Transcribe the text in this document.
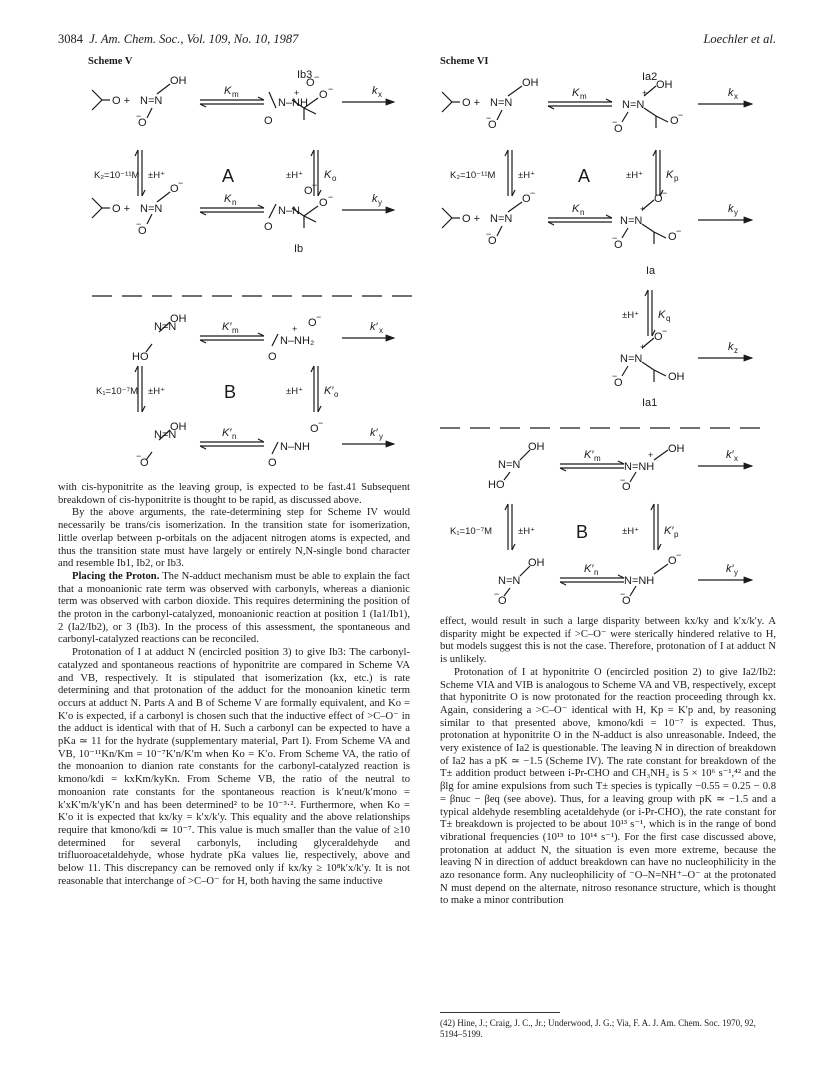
3084 J. Am. Chem. Soc., Vol. 109, No. 10, 1987	Loechler et al.
Scheme V	Scheme VI
Ib3
O + N=N
OH
O
−
K m	k x
N–NH
+
O
O −
O −
K₂=10⁻¹¹M ±H⁺	A	±H⁺ K o
O + N=N
O −
O
−
K n	k y
N–N
O
O −
O −
Ib
N=N
OH
HO
K′ m	k′ x
N–NH₂
+
O
O −
K₁=10⁻⁷M ±H⁺	B	±H⁺ K′ o
N=N
OH
O
−
K′ n	k′ y
N–NH
O
O −
Ia2
O + N=N
OH
O
−
K m	k x
N=N
+
OH
O
−	O −
K₂=10⁻¹¹M ±H⁺ A	±H⁺ K p
O + N=N
O −
O
−
K n	k y
N=N
+
O −
O
−	O −
Ia
±H⁺ K q
k z
N=N
+
O −
O
−	OH
Ia1
N=N
OH
HO
K′ m	k′ x
N=NH
+ OH
O
−
K₁=10⁻⁷M	±H⁺ B	±H⁺ K′ p
N=N
OH
O
−
K′ n	k′ y
N=NH
O −
O
−

with cis-hyponitrite as the leaving group, is expected to be fast.41 Subsequent breakdown of cis-hyponitrite is thought to be rapid, as discussed above.

By the above arguments, the rate-determining step for Scheme IV would necessarily be trans/cis isomerization. In the transition state for isomerization, little overlap between p-orbitals on the adjacent nitrogen atoms is expected, and thus the transition state must have largely or entirely N,N-single bond character and resemble Ib1, Ib2, or Ib3.

Placing the Proton. The N-adduct mechanism must be able to explain the fact that a monoanionic rate term was observed with carbonyls, whereas a dianionic term was observed with carbon dioxide. This requires determining the position of the proton in the carbonyl-catalyzed, monoanionic reaction at position 1 (Ia1/Ib1), 2 (Ia2/Ib2), or 3 (Ib3). In the process of this assessment, the spontaneous and carbonyl-catalyzed reactions can be reconciled.

Protonation of I at adduct N (encircled position 3) to give Ib3: The carbonyl-catalyzed and spontaneous reactions of hyponitrite are compared in Scheme VA and VB, respectively. It is stipulated that isomerization (kx, etc.) is rate determining and that protonation of the adduct for the monoanion kinetic term occurs at adduct N. Parts A and B of Scheme V are formally equivalent, and Ko = K′o is expected, if a carbonyl is chosen such that the inductive effect of >C–O⁻ in the adduct is identical with that of H. Such a carbonyl can be expected to have a pKa ≃ 11 for the hydrate (supplementary material, Part I). From Scheme VA and VB, 10⁻¹¹Kn/Km = 10⁻⁷K′n/K′m when Ko = K′o. From Scheme VA, the ratio of the monoanion to dianion rate constants for the carbonyl-catalyzed reaction is kmono/kdi = kxKm/kyKn. From Scheme VB, the ratio of the neutral to monoanion rate constants for the spontaneous reaction is k′neut/k′mono = k′xK′m/k′yK′n and has been determined² to be 10⁻³·². Furthermore, when Ko = K′o it is expected that kx/ky = k′x/k′y. This equality and the above relationships require that kmono/kdi ≃ 10⁻⁷. This value is much smaller than the value of ≥10 determined for several carbonyls, including glyceraldehyde and trifluoroacetaldehyde, whose hydrate pKa values lie, respectively, above and below 11. This discrepancy can be removed only if kx/ky ≥ 10⁸k′x/k′y. It is not reasonable that interchange of >C–O⁻ for H, both having the same inductive

effect, would result in such a large disparity between kx/ky and k′x/k′y. A disparity might be expected if >C–O⁻ were sterically hindered relative to H, but models suggest this is not the case. Therefore, protonation of I at adduct N is unlikely.

Protonation of I at hyponitrite O (encircled position 2) to give Ia2/Ib2: Scheme VIA and VIB is analogous to Scheme VA and VB, respectively, except that hyponitrite O is now protonated for the reaction proceeding through kx. Again, considering a >C–O⁻ identical with H, Kp = K′p and, by reasoning similar to that presented above, kmono/kdi = 10⁻⁷ is expected. Thus, protonation at hyponitrite O in the N-adduct is also unreasonable. Indeed, the very existence of Ia2 is questionable. The leaving N in direction of breakdown of Ia2 has a pK ≃ −1.5 (Scheme IV). The rate constant for breakdown of the T± addition product between i-Pr-CHO and CH₃NH₂ is 5 × 10⁶ s⁻¹,⁴² and the βlg for amine expulsions from such T± species is typically −0.55 = 0.25 − 0.8 = βnuc − βeq (see above). Thus, for a leaving group with pK ≃ −1.5 and a typical aldehyde resembling acetaldehyde (or i-Pr-CHO), the rate constant for T± breakdown is projected to be about 10¹³ s⁻¹, which is in the range of bond vibrational frequencies (10¹³ to 10¹⁴ s⁻¹). For the first case discussed above, protonation at adduct N, the situation is even more extreme, because the leaving N in direction of adduct breakdown can have no nucleophilicity in the azo resonance form. Any nucleophilicity of ⁻O–N=NH⁺–O⁻ at the protonated N must depend on the alternate, nitroso resonance structure, which is thought to make a minor contribution

(42) Hine, J.; Craig, J. C., Jr.; Underwood, J. G.; Via, F. A. J. Am. Chem. Soc. 1970, 92, 5194–5199.
